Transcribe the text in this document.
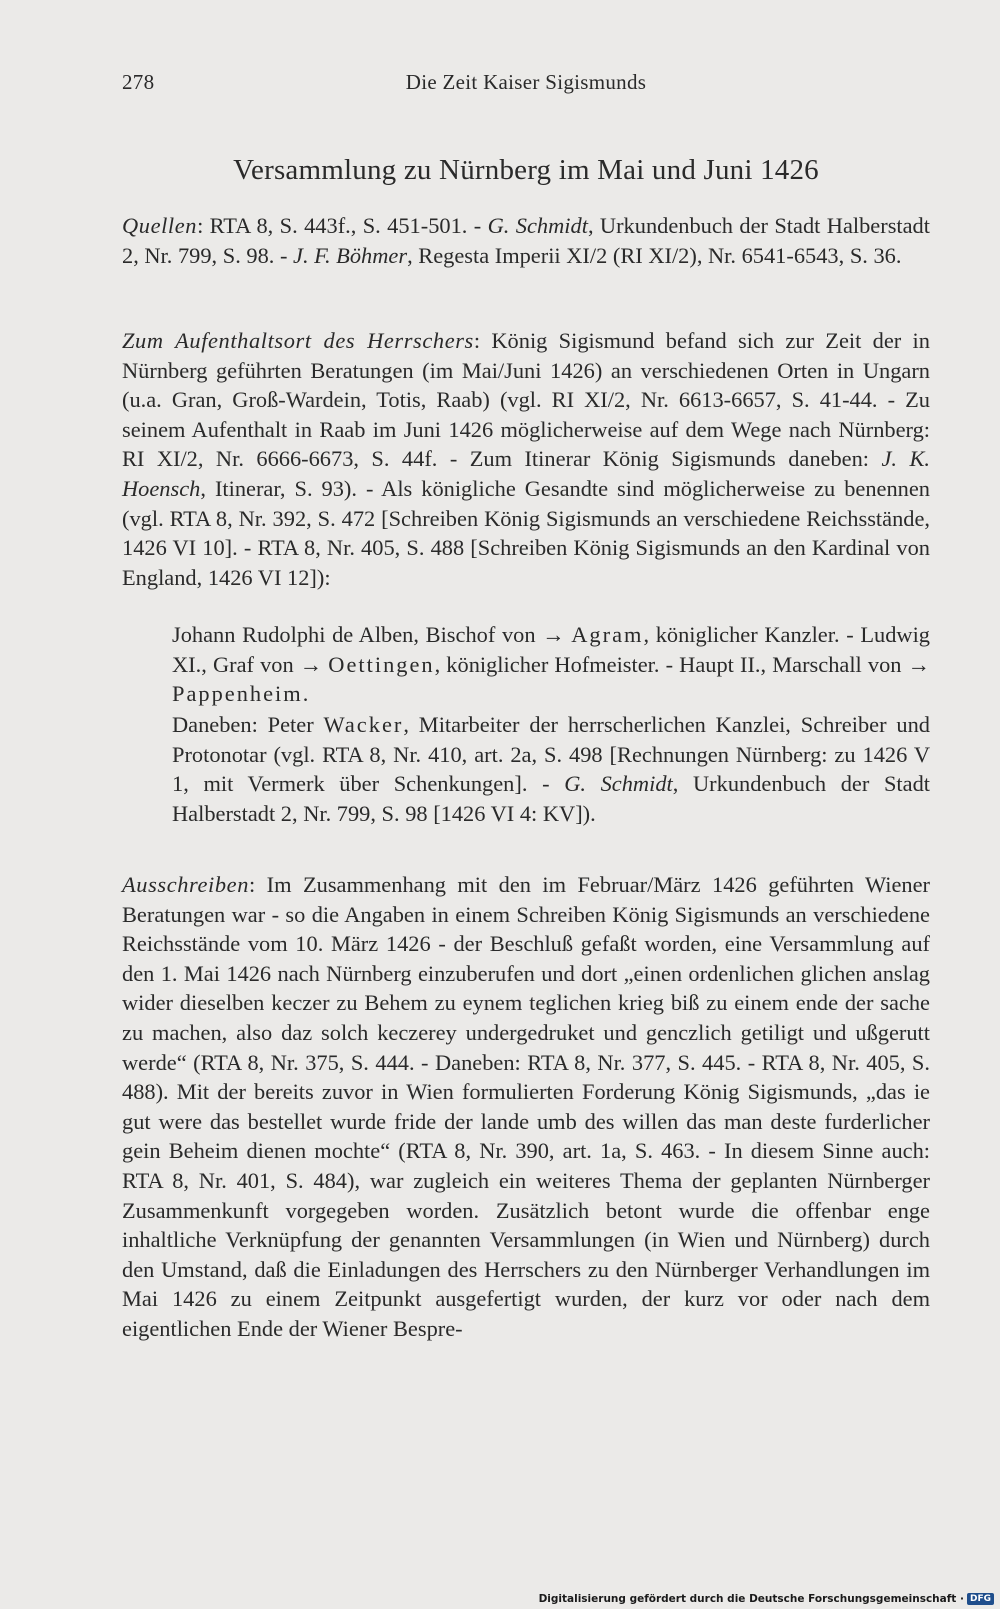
278	Die Zeit Kaiser Sigismunds
Versammlung zu Nürnberg im Mai und Juni 1426

Quellen: RTA 8, S. 443f., S. 451-501. - G. Schmidt, Urkundenbuch der Stadt Halberstadt 2, Nr. 799, S. 98. - J. F. Böhmer, Regesta Imperii XI/2 (RI XI/2), Nr. 6541-6543, S. 36.

Zum Aufenthaltsort des Herrschers: König Sigismund befand sich zur Zeit der in Nürnberg geführten Beratungen (im Mai/Juni 1426) an verschiedenen Orten in Ungarn (u.a. Gran, Groß-Wardein, Totis, Raab) (vgl. RI XI/2, Nr. 6613-6657, S. 41-44. - Zu seinem Aufenthalt in Raab im Juni 1426 möglicherweise auf dem Wege nach Nürnberg: RI XI/2, Nr. 6666-6673, S. 44f. - Zum Itinerar König Sigismunds daneben: J. K. Hoensch, Itinerar, S. 93). - Als königliche Gesandte sind möglicherweise zu benennen (vgl. RTA 8, Nr. 392, S. 472 [Schreiben König Sigismunds an verschiedene Reichsstände, 1426 VI 10]. - RTA 8, Nr. 405, S. 488 [Schreiben König Sigismunds an den Kardinal von England, 1426 VI 12]):

Johann Rudolphi de Alben, Bischof von → Agram, königlicher Kanzler. - Ludwig XI., Graf von → Oettingen, königlicher Hofmeister. - Haupt II., Marschall von → Pappenheim.

Daneben: Peter Wacker, Mitarbeiter der herrscherlichen Kanzlei, Schreiber und Protonotar (vgl. RTA 8, Nr. 410, art. 2a, S. 498 [Rechnungen Nürnberg: zu 1426 V 1, mit Vermerk über Schenkungen]. - G. Schmidt, Urkundenbuch der Stadt Halberstadt 2, Nr. 799, S. 98 [1426 VI 4: KV]).

Ausschreiben: Im Zusammenhang mit den im Februar/März 1426 geführten Wiener Beratungen war - so die Angaben in einem Schreiben König Sigismunds an verschiedene Reichsstände vom 10. März 1426 - der Beschluß gefaßt worden, eine Versammlung auf den 1. Mai 1426 nach Nürnberg einzuberufen und dort „einen ordenlichen glichen anslag wider dieselben keczer zu Behem zu eynem teglichen krieg biß zu einem ende der sache zu machen, also daz solch keczerey undergedruket und genczlich getiligt und ußgerutt werde“ (RTA 8, Nr. 375, S. 444. - Daneben: RTA 8, Nr. 377, S. 445. - RTA 8, Nr. 405, S. 488). Mit der bereits zuvor in Wien formulierten Forderung König Sigismunds, „das ie gut were das bestellet wurde fride der lande umb des willen das man deste furderlicher gein Beheim dienen mochte“ (RTA 8, Nr. 390, art. 1a, S. 463. - In diesem Sinne auch: RTA 8, Nr. 401, S. 484), war zugleich ein weiteres Thema der geplanten Nürnberger Zusammenkunft vorgegeben worden. Zusätzlich betont wurde die offenbar enge inhaltliche Verknüpfung der genannten Versammlungen (in Wien und Nürnberg) durch den Umstand, daß die Einladungen des Herrschers zu den Nürnberger Verhandlungen im Mai 1426 zu einem Zeitpunkt ausgefertigt wurden, der kurz vor oder nach dem eigentlichen Ende der Wiener Bespre-

Digitalisierung gefördert durch die Deutsche Forschungsgemeinschaft · DFG
